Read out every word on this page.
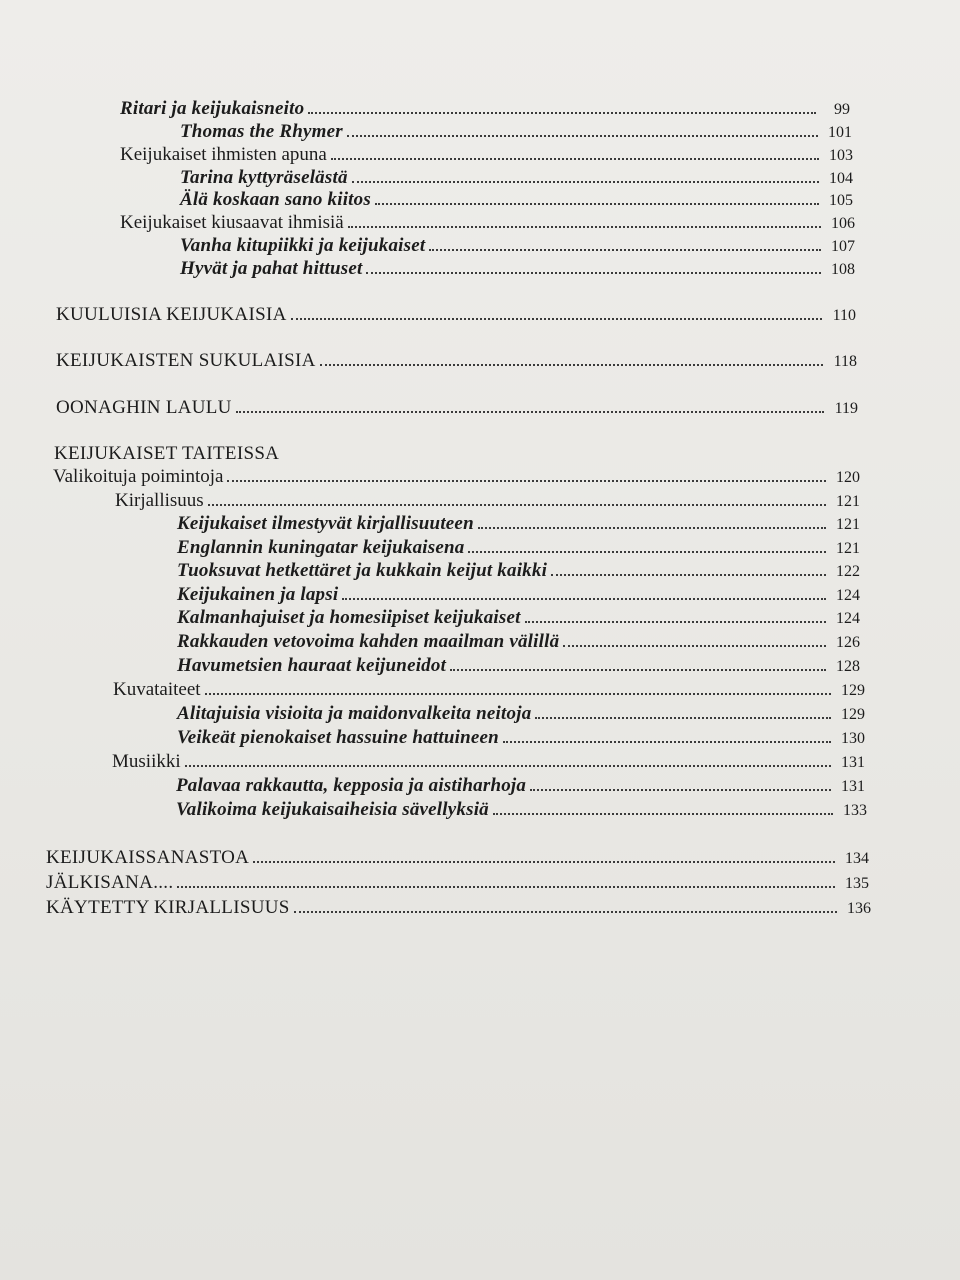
Ritari ja keijukaisneito	99
Thomas the Rhymer	101
Keijukaiset ihmisten apuna	103
Tarina kyttyräselästä	104
Älä koskaan sano kiitos	105
Keijukaiset kiusaavat ihmisiä	106
Vanha kitupiikki ja keijukaiset	107
Hyvät ja pahat hittuset	108
KUULUISIA KEIJUKAISIA	110
KEIJUKAISTEN SUKULAISIA	118
OONAGHIN LAULU	119
KEIJUKAISET TAITEISSA
Valikoituja poimintoja	120
Kirjallisuus	121
Keijukaiset ilmestyvät kirjallisuuteen	121
Englannin kuningatar keijukaisena	121
Tuoksuvat hetkettäret ja kukkain keijut kaikki	122
Keijukainen ja lapsi	124
Kalmanhajuiset ja homesiipiset keijukaiset	124
Rakkauden vetovoima kahden maailman välillä	126
Havumetsien hauraat keijuneidot	128
Kuvataiteet	129
Alitajuisia visioita ja maidonvalkeita neitoja	129
Veikeät pienokaiset hassuine hattuineen	130
Musiikki	131
Palavaa rakkautta, kepposia ja aistiharhoja	131
Valikoima keijukaisaiheisia sävellyksiä	133
KEIJUKAISSANASTOA	134
JÄLKISANA....	135
KÄYTETTY KIRJALLISUUS	136
